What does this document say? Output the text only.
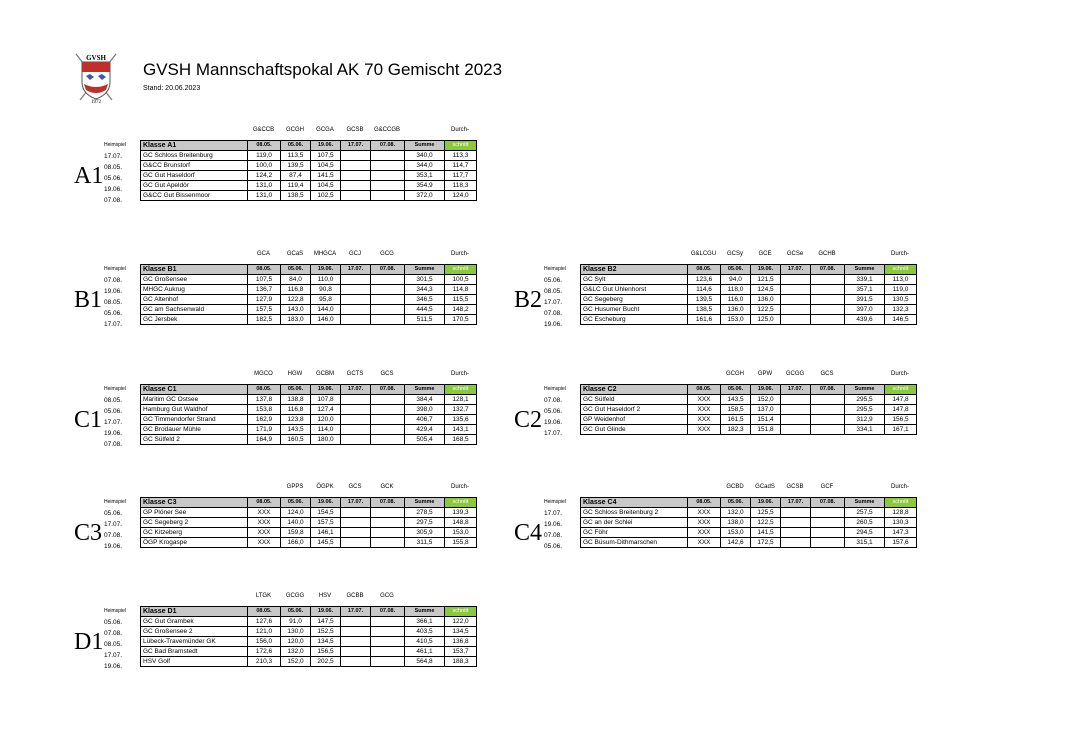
GVSH
1972
GVSH Mannschaftspokal AK 70 Gemischt 2023
Stand: 20.06.2023
G&CCB	GCGH	GCGA	GCSB	G&CCGB	Durch-
Heimspiel
17.07.
08.05.
05.06.
19.06.
07.08.
A1
Klasse A1	08.05.	05.06.	19.06.	17.07.	07.08.	Summe	schnitt
GC Schloss Breitenburg	119,0	113,5	107,5			340,0	113,3
G&CC Brunstorf	100,0	139,5	104,5			344,0	114,7
GC Gut Haseldorf	124,2	87,4	141,5			353,1	117,7
GC Gut Apeldör	131,0	119,4	104,5			354,9	118,3
G&CC Gut Bissenmoor	131,0	138,5	102,5			372,0	124,0
GCA	GCaS	MHGCA	GCJ	GCG	Durch-
Heimspiel
07.08.
19.06.
08.05.
05.06.
17.07.
B1
Klasse B1	08.05.	05.06.	19.06.	17.07.	07.08.	Summe	schnitt
GC Großensee	107,5	84,0	110,0			301,5	100,5
MHGC Aukrug	136,7	116,8	90,8			344,3	114,8
GC Altenhof	127,9	122,8	95,8			346,5	115,5
GC am Sachsenwald	157,5	143,0	144,0			444,5	148,2
GC Jersbek	182,5	183,0	146,0			511,5	170,5
G&LCGU	GCSy	GCE	GCSe	GCHB	Durch-
Heimspiel
05.06.
08.05.
17.07.
07.08.
19.06.
B2
Klasse B2	08.05.	05.06.	19.06.	17.07.	07.08.	Summe	schnitt
GC Sylt	123,6	94,0	121,5			339,1	113,0
G&LC Gut Uhlenhorst	114,6	118,0	124,5			357,1	119,0
GC Segeberg	139,5	116,0	136,0			391,5	130,5
GC Husumer Bucht	138,5	136,0	122,5			397,0	132,3
GC Escheburg	161,6	153,0	125,0			439,6	146,5
MGCO	HGW	GCBM	GCTS	GCS	Durch-
Heimspiel
08.05.
05.06.
17.07.
19.06.
07.08.
C1
Klasse C1	08.05.	05.06.	19.06.	17.07.	07.08.	Summe	schnitt
Maritim GC Ostsee	137,8	138,8	107,8			384,4	128,1
Hamburg Gut Waldhof	153,8	116,8	127,4			398,0	132,7
GC Timmendorfer Strand	162,9	123,8	120,0			406,7	135,6
GC Brodauer Mühle	171,9	143,5	114,0			429,4	143,1
GC Sülfeld 2	164,9	160,5	180,0			505,4	168,5
GCGH	GPW	GCGG	GCS	Durch-
Heimspiel
07.08.
05.06.
19.06.
17.07.
C2
Klasse C2	08.05.	05.06.	19.06.	17.07.	07.08.	Summe	schnitt
GC Sülfeld	XXX	143,5	152,0			295,5	147,8
GC Gut Haseldorf 2	XXX	158,5	137,0			295,5	147,8
GP Weidenhof	XXX	161,5	151,4			312,9	156,5
GC Gut Glinde	XXX	182,3	151,8			334,1	167,1
GPPS	ÖGPK	GCS	GCK	Durch-
Heimspiel
05.06.
17.07.
07.08.
19.06.
C3
Klasse C3	08.05.	05.06.	19.06.	17.07.	07.08.	Summe	schnitt
GP Plöner See	XXX	124,0	154,5			278,5	139,3
GC Segeberg 2	XXX	140,0	157,5			297,5	148,8
GC Kitzeberg	XXX	159,8	146,1			305,9	153,0
ÖGP Krogaspe	XXX	166,0	145,5			311,5	155,8
GCBD	GCadS	GCSB	GCF	Durch-
Heimspiel
17.07.
19.06.
07.08.
05.06.
C4
Klasse C4	08.05.	05.06.	19.06.	17.07.	07.08.	Summe	schnitt
GC Schloss Breitenburg 2	XXX	132,0	125,5			257,5	128,8
GC an der Schlei	XXX	138,0	122,5			260,5	130,3
GC Föhr	XXX	153,0	141,5			294,5	147,3
GC Büsum-Dithmarschen	XXX	142,6	172,5			315,1	157,6
LTGK	GCGG	HSV	GCBB	GCG
Heimspiel
05.06.
07.08.
08.05.
17.07.
19.06.
D1
Klasse D1	08.05.	05.06.	19.06.	17.07.	07.08.	Summe	schnitt
GC Gut Grambek	127,6	91,0	147,5			366,1	122,0
GC Großensee 2	121,0	130,0	152,5			403,5	134,5
Lübeck-Travemünder GK	156,0	120,0	134,5			410,5	136,8
GC Bad Bramstedt	172,6	132,0	156,5			461,1	153,7
HSV Golf	210,3	152,0	202,5			564,8	188,3
